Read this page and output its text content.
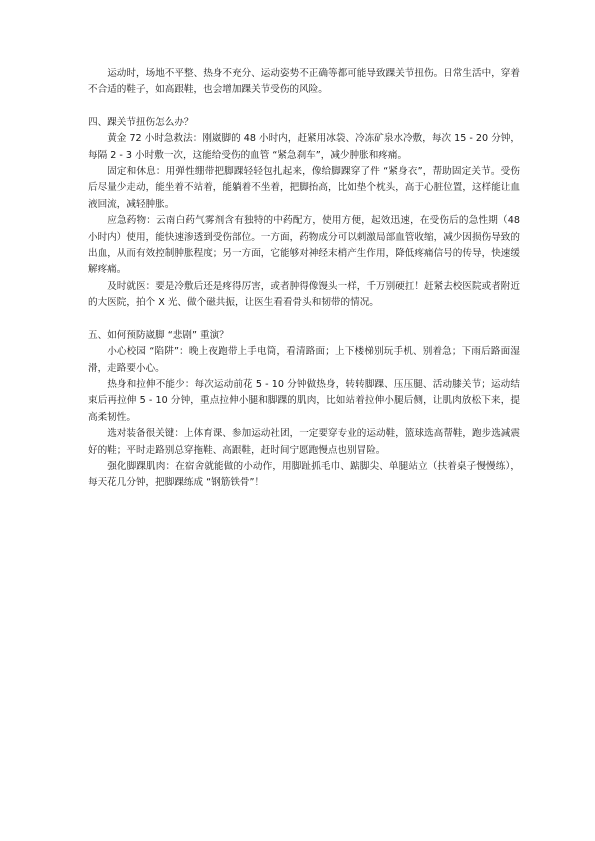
运动时，场地不平整、热身不充分、运动姿势不正确等都可能导致踝关节扭伤。日常生活中，穿着不合适的鞋子，如高跟鞋，也会增加踝关节受伤的风险。

四、踝关节扭伤怎么办？

黄金 72 小时急救法：刚崴脚的 48 小时内，赶紧用冰袋、冷冻矿泉水冷敷，每次 15 - 20 分钟，每隔 2 - 3 小时敷一次，这能给受伤的血管 “紧急刹车”，减少肿胀和疼痛。

固定和休息：用弹性绷带把脚踝轻轻包扎起来，像给脚踝穿了件 “紧身衣”，帮助固定关节。受伤后尽量少走动，能坐着不站着，能躺着不坐着，把脚抬高，比如垫个枕头，高于心脏位置，这样能让血液回流，减轻肿胀。

应急药物：云南白药气雾剂含有独特的中药配方，使用方便，起效迅速，在受伤后的急性期（48 小时内）使用，能快速渗透到受伤部位。一方面，药物成分可以刺激局部血管收缩，减少因损伤导致的出血，从而有效控制肿胀程度；另一方面，它能够对神经末梢产生作用，降低疼痛信号的传导，快速缓解疼痛。

及时就医：要是冷敷后还是疼得厉害，或者肿得像馒头一样，千万别硬扛！赶紧去校医院或者附近的大医院，拍个 X 光、做个磁共振，让医生看看骨头和韧带的情况。

五、如何预防崴脚 “悲剧” 重演？

小心校园 “陷阱”：晚上夜跑带上手电筒，看清路面；上下楼梯别玩手机、别着急；下雨后路面湿滑，走路要小心。

热身和拉伸不能少：每次运动前花 5 - 10 分钟做热身，转转脚踝、压压腿、活动膝关节；运动结束后再拉伸 5 - 10 分钟，重点拉伸小腿和脚踝的肌肉，比如站着拉伸小腿后侧，让肌肉放松下来，提高柔韧性。

选对装备很关键：上体育课、参加运动社团，一定要穿专业的运动鞋，篮球选高帮鞋，跑步选减震好的鞋；平时走路别总穿拖鞋、高跟鞋，赶时间宁愿跑慢点也别冒险。

强化脚踝肌肉：在宿舍就能做的小动作，用脚趾抓毛巾、踮脚尖、单腿站立（扶着桌子慢慢练），每天花几分钟，把脚踝练成 “钢筋铁骨”！
